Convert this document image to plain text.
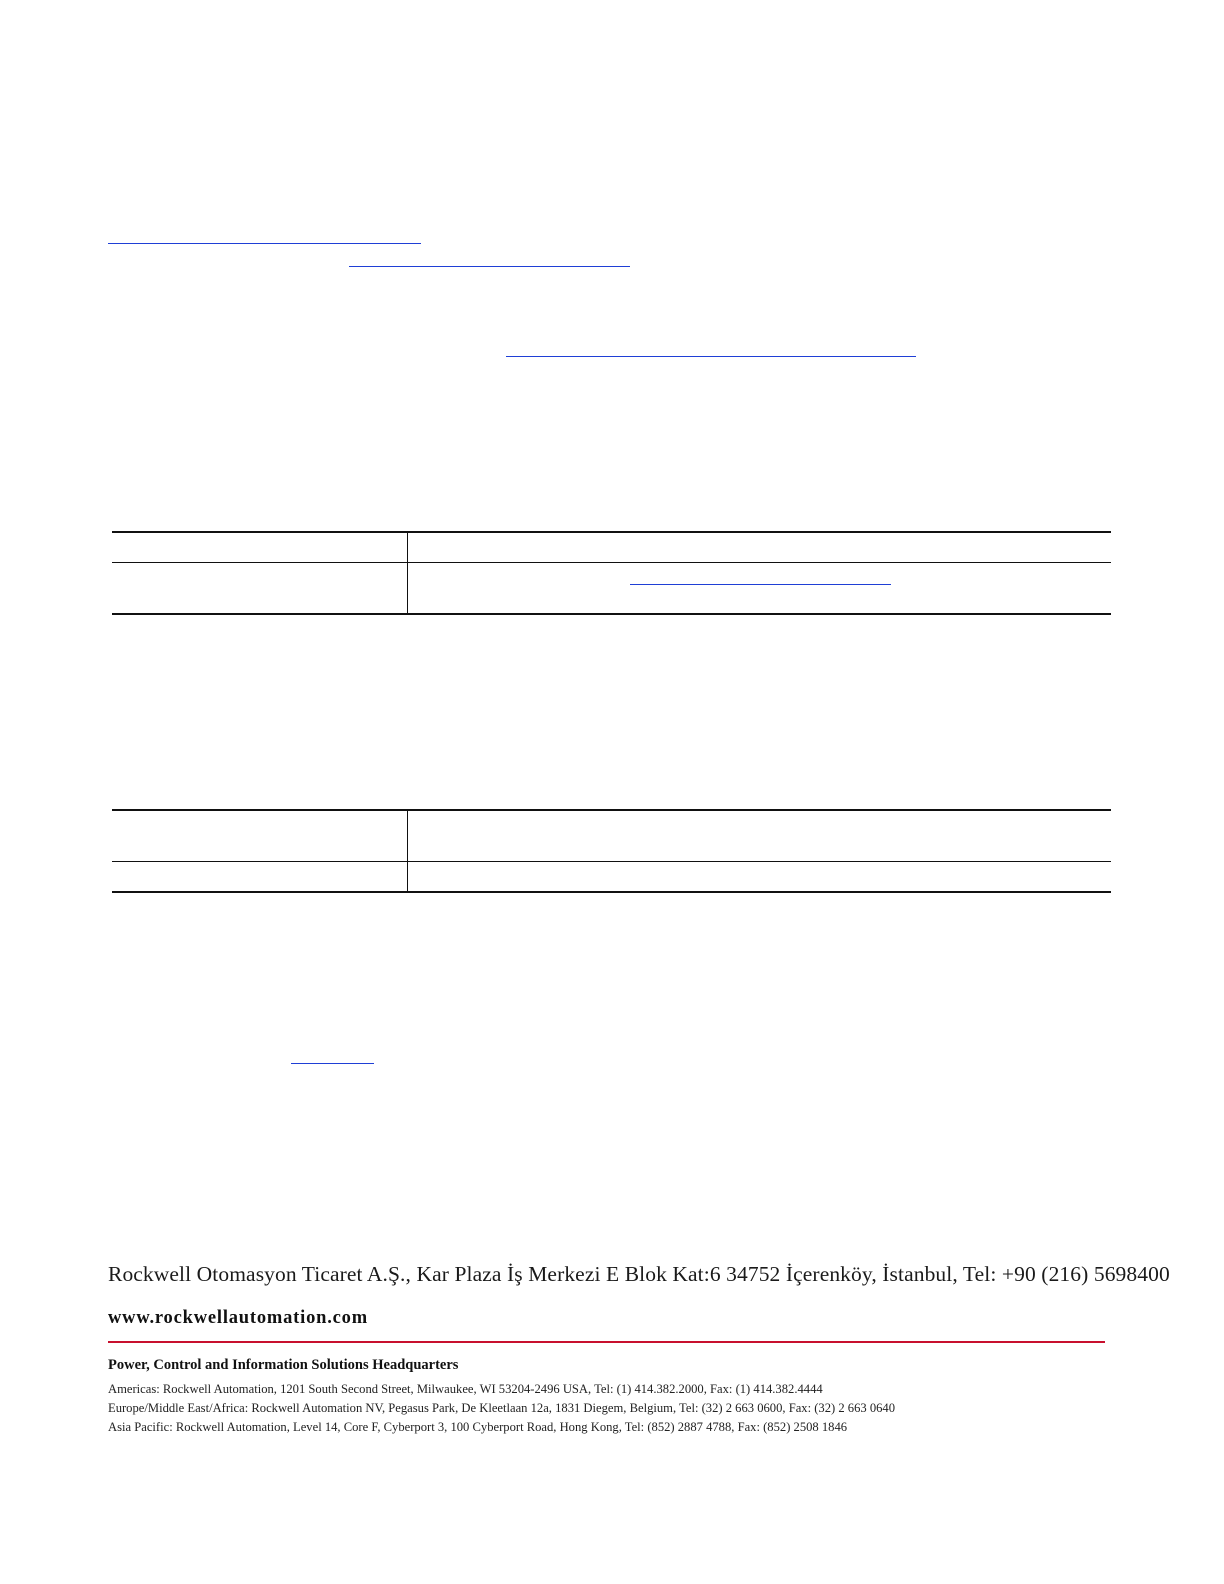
Rockwell Otomasyon Ticaret A.Ş., Kar Plaza İş Merkezi E Blok Kat:6 34752 İçerenköy, İstanbul, Tel: +90 (216) 5698400
www.rockwellautomation.com
Power, Control and Information Solutions Headquarters
Americas: Rockwell Automation, 1201 South Second Street, Milwaukee, WI 53204-2496 USA, Tel: (1) 414.382.2000, Fax: (1) 414.382.4444
Europe/Middle East/Africa: Rockwell Automation NV, Pegasus Park, De Kleetlaan 12a, 1831 Diegem, Belgium, Tel: (32) 2 663 0600, Fax: (32) 2 663 0640
Asia Pacific: Rockwell Automation, Level 14, Core F, Cyberport 3, 100 Cyberport Road, Hong Kong, Tel: (852) 2887 4788, Fax: (852) 2508 1846
